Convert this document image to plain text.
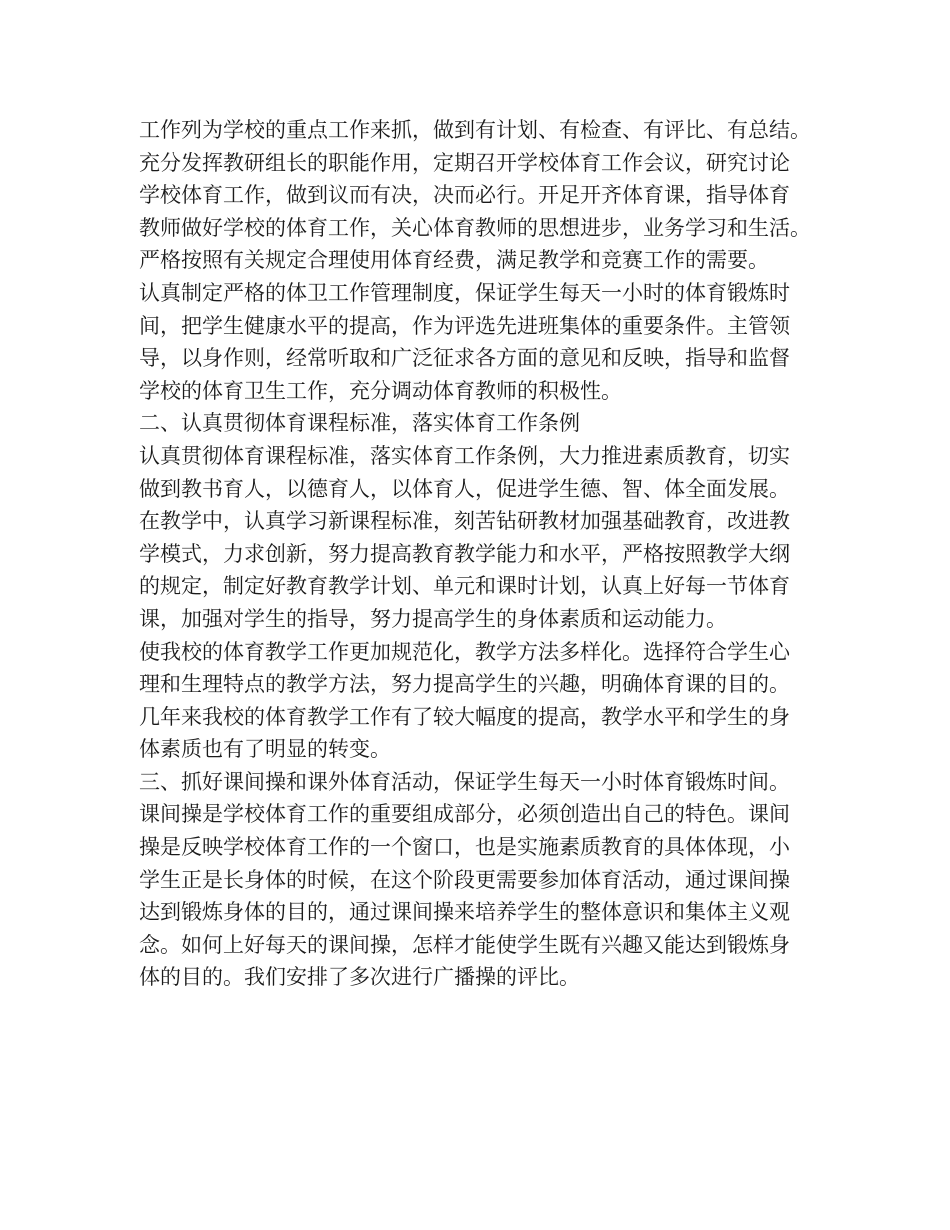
工作列为学校的重点工作来抓，做到有计划、有检查、有评比、有总结。
充分发挥教研组长的职能作用，定期召开学校体育工作会议，研究讨论
学校体育工作，做到议而有决，决而必行。开足开齐体育课，指导体育
教师做好学校的体育工作，关心体育教师的思想进步，业务学习和生活。
严格按照有关规定合理使用体育经费，满足教学和竞赛工作的需要。
认真制定严格的体卫工作管理制度，保证学生每天一小时的体育锻炼时
间，把学生健康水平的提高，作为评选先进班集体的重要条件。主管领
导，以身作则，经常听取和广泛征求各方面的意见和反映，指导和监督
学校的体育卫生工作，充分调动体育教师的积极性。
二、认真贯彻体育课程标准，落实体育工作条例
认真贯彻体育课程标准，落实体育工作条例，大力推进素质教育，切实
做到教书育人，以德育人，以体育人，促进学生德、智、体全面发展。
在教学中，认真学习新课程标准，刻苦钻研教材加强基础教育，改进教
学模式，力求创新，努力提高教育教学能力和水平，严格按照教学大纲
的规定，制定好教育教学计划、单元和课时计划，认真上好每一节体育
课，加强对学生的指导，努力提高学生的身体素质和运动能力。
使我校的体育教学工作更加规范化，教学方法多样化。选择符合学生心
理和生理特点的教学方法，努力提高学生的兴趣，明确体育课的目的。
几年来我校的体育教学工作有了较大幅度的提高，教学水平和学生的身
体素质也有了明显的转变。
三、抓好课间操和课外体育活动，保证学生每天一小时体育锻炼时间。
课间操是学校体育工作的重要组成部分，必须创造出自己的特色。课间
操是反映学校体育工作的一个窗口，也是实施素质教育的具体体现，小
学生正是长身体的时候，在这个阶段更需要参加体育活动，通过课间操
达到锻炼身体的目的，通过课间操来培养学生的整体意识和集体主义观
念。如何上好每天的课间操，怎样才能使学生既有兴趣又能达到锻炼身
体的目的。我们安排了多次进行广播操的评比。
